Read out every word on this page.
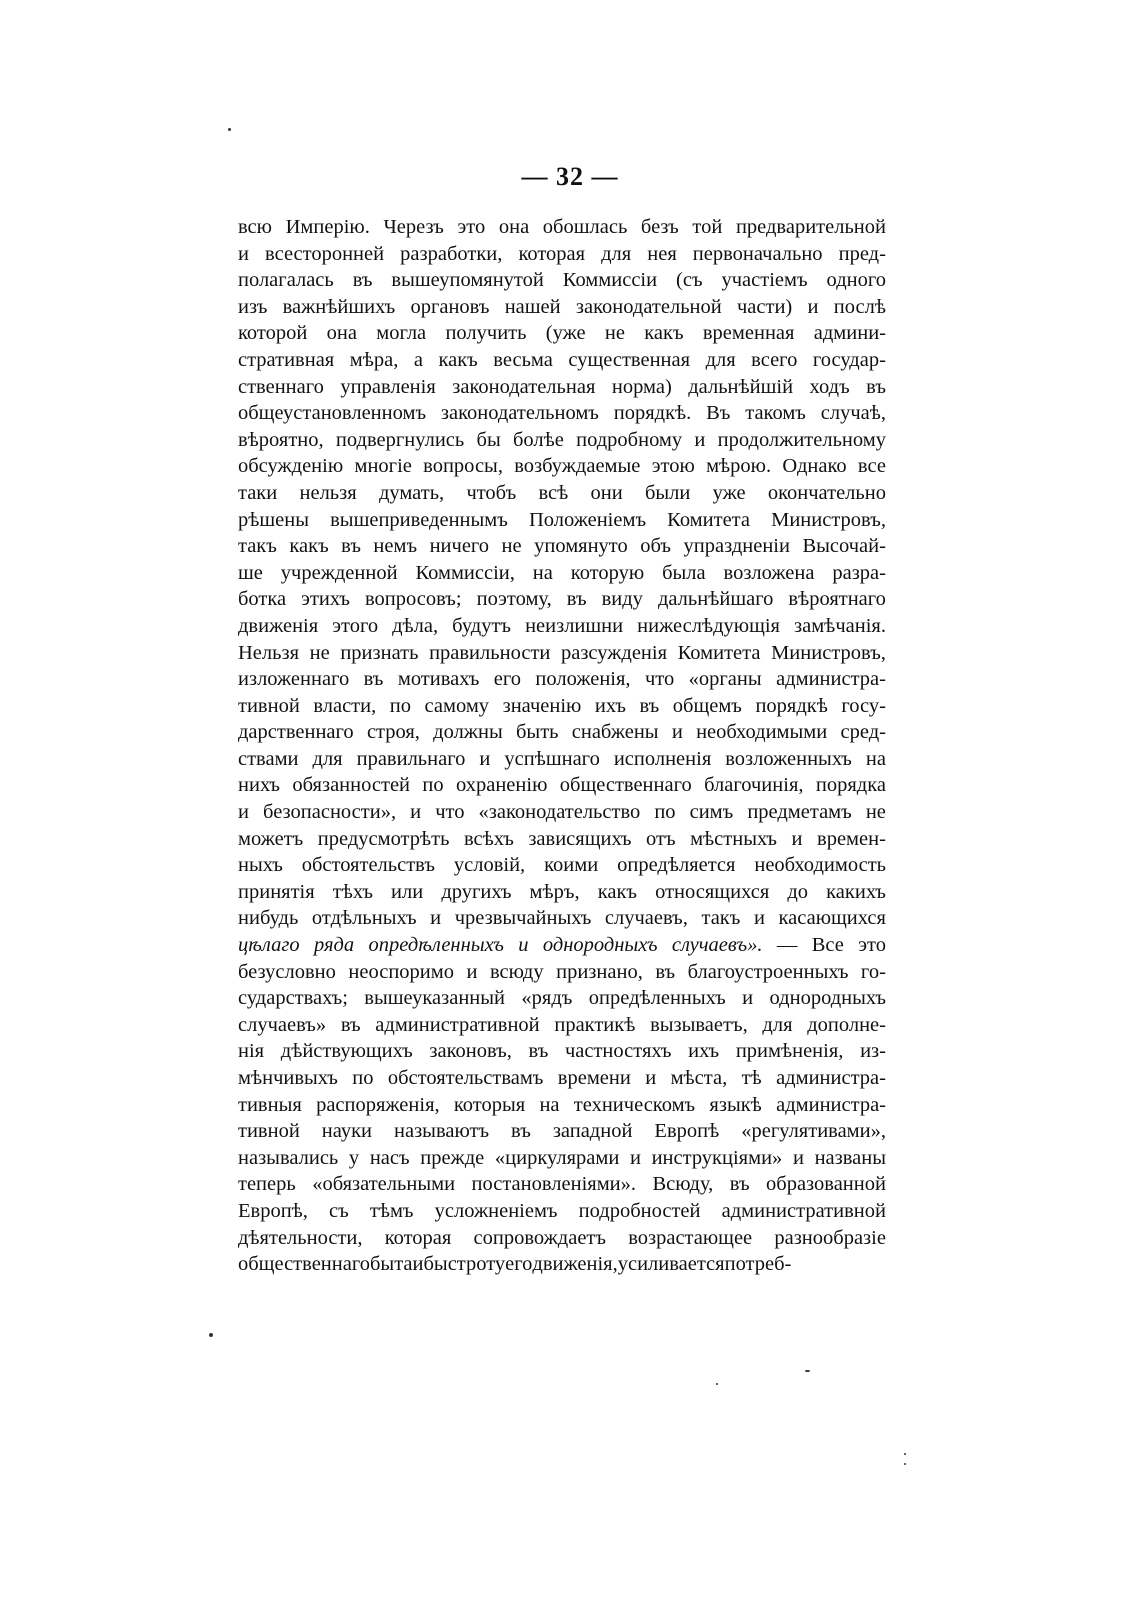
— 32 —
всю Имперію. Черезъ это она обошлась безъ той предварительной
и всесторонней разработки, которая для нея первоначально пред-
полагалась въ вышеупомянутой Коммиссіи (съ участіемъ одного
изъ важнѣйшихъ органовъ нашей законодательной части) и послѣ
которой она могла получить (уже не какъ временная админи-
стративная мѣра, а какъ весьма существенная для всего государ-
ственнаго управленія законодательная норма) дальнѣйшій ходъ въ
общеустановленномъ законодательномъ порядкѣ. Въ такомъ случаѣ,
вѣроятно, подвергнулись бы болѣе подробному и продолжительному
обсужденію многіе вопросы, возбуждаемые этою мѣрою. Однако все
таки нельзя думать, чтобъ всѣ они были уже окончательно
рѣшены вышеприведеннымъ Положеніемъ Комитета Министровъ,
такъ какъ въ немъ ничего не упомянуто объ упраздненіи Высочай-
ше учрежденной Коммиссіи, на которую была возложена разра-
ботка этихъ вопросовъ; поэтому, въ виду дальнѣйшаго вѣроятнаго
движенія этого дѣла, будутъ неизлишни нижеслѣдующія замѣчанія.
Нельзя не признать правильности разсужденія Комитета Министровъ,
изложеннаго въ мотивахъ его положенія, что «органы администра-
тивной власти, по самому значенію ихъ въ общемъ порядкѣ госу-
дарственнаго строя, должны быть снабжены и необходимыми сред-
ствами для правильнаго и успѣшнаго исполненія возложенныхъ на
нихъ обязанностей по охраненію общественнаго благочинія, порядка
и безопасности», и что «законодательство по симъ предметамъ не
можетъ предусмотрѣть всѣхъ зависящихъ отъ мѣстныхъ и времен-
ныхъ обстоятельствъ условій, коими опредѣляется необходимость
принятія тѣхъ или другихъ мѣръ, какъ относящихся до какихъ
нибудь отдѣльныхъ и чрезвычайныхъ случаевъ, такъ и касающихся
цѣлаго ряда опредѣленныхъ и однородныхъ случаевъ». — Все это
безусловно неоспоримо и всюду признано, въ благоустроенныхъ го-
сударствахъ; вышеуказанный «рядъ опредѣленныхъ и однородныхъ
случаевъ» въ административной практикѣ вызываетъ, для дополне-
нія дѣйствующихъ законовъ, въ частностяхъ ихъ примѣненія, из-
мѣнчивыхъ по обстоятельствамъ времени и мѣста, тѣ администра-
тивныя распоряженія, которыя на техническомъ языкѣ администра-
тивной науки называютъ въ западной Европѣ «регулятивами»,
назывались у насъ прежде «циркулярами и инструкціями» и названы
теперь «обязательными постановленіями». Всюду, въ образованной
Европѣ, съ тѣмъ усложненіемъ подробностей административной
дѣятельности, которая сопровождаетъ возрастающее разнообразіе
общественнаго быта и быстроту его движенія, усиливается потреб-
